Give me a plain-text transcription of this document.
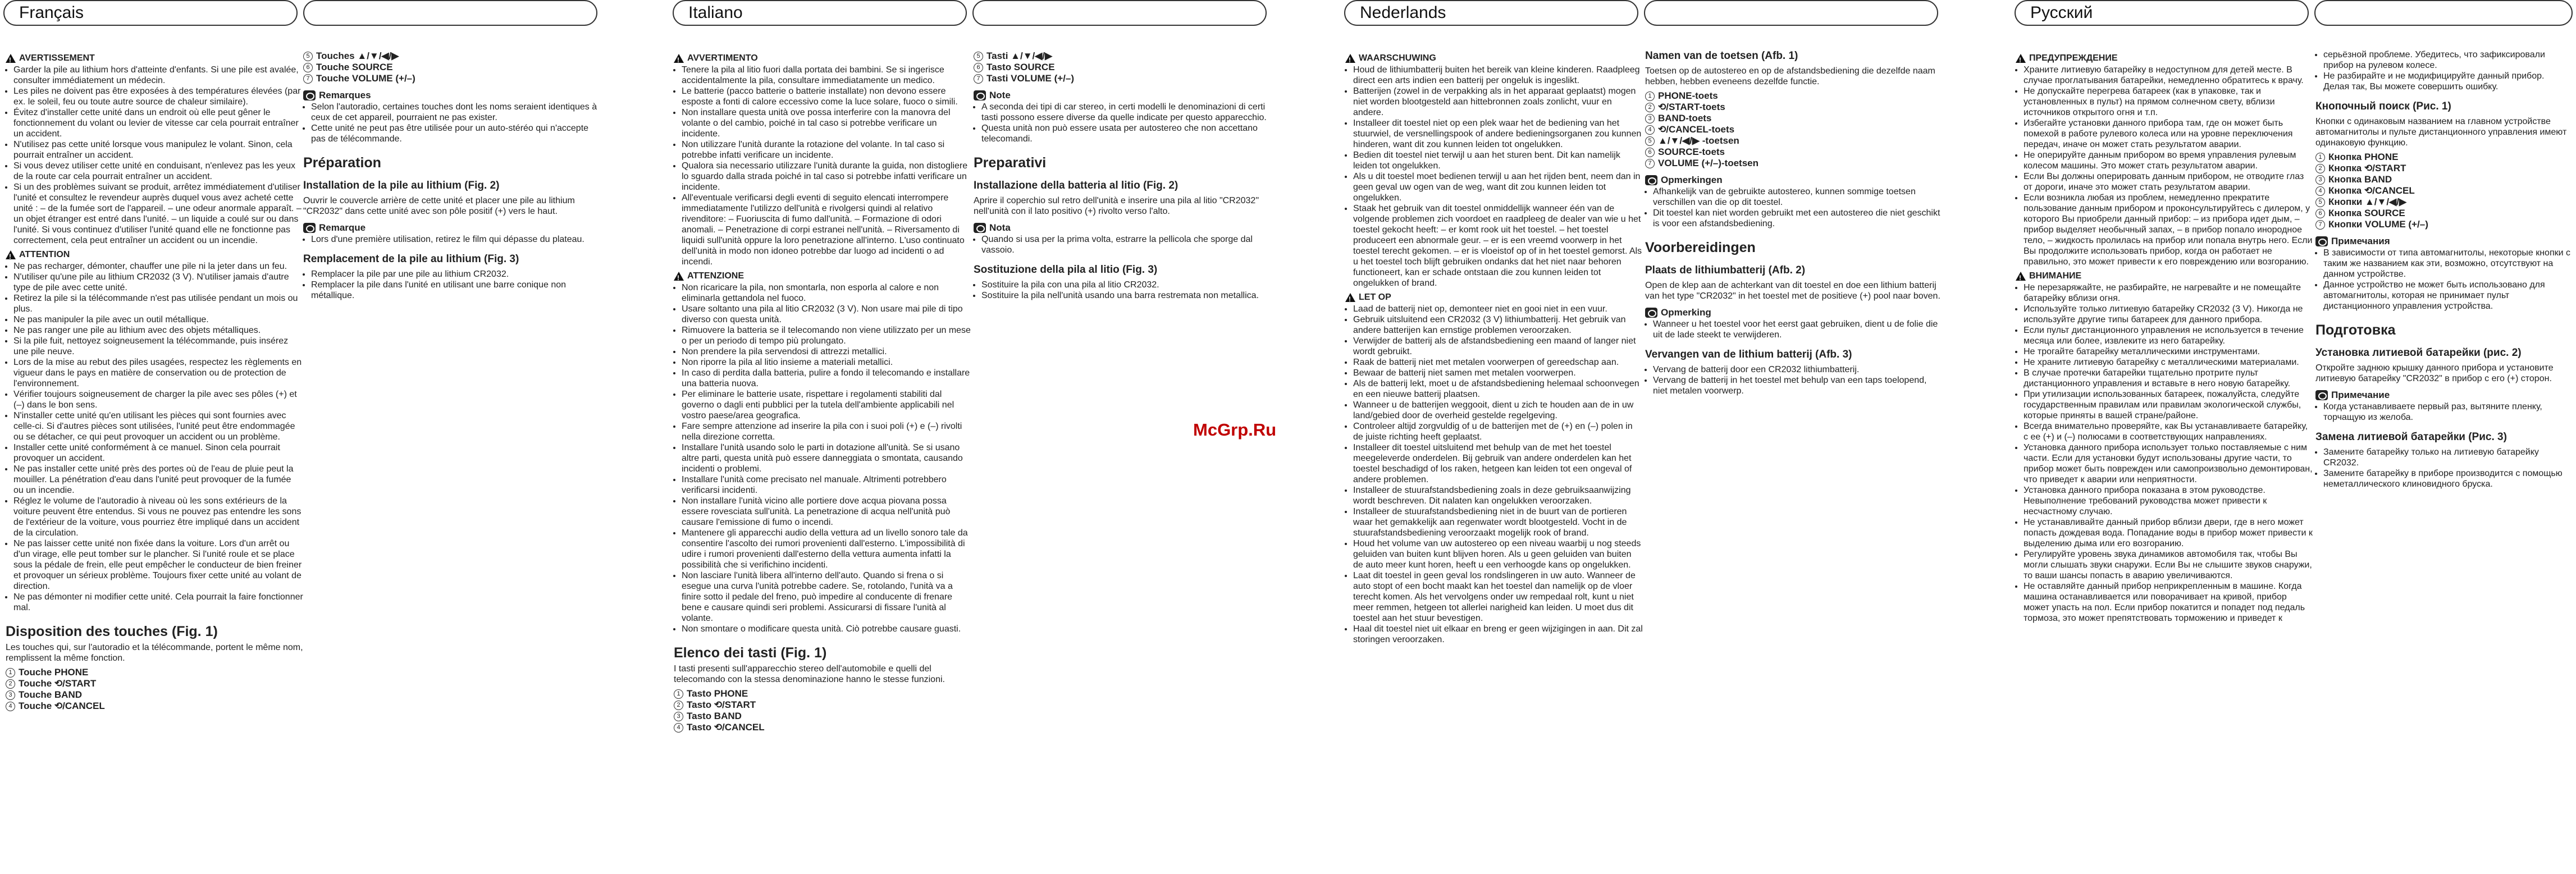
Français	Italiano	Nederlands	Русский
!
AVERTISSEMENT
• Garder la pile au lithium hors d'atteinte d'enfants. Si une pile est avalée, consulter immédiatement un médecin.
• Les piles ne doivent pas être exposées à des températures élevées (par ex. le soleil, feu ou toute autre source de chaleur similaire).
• Évitez d'installer cette unité dans un endroit où elle peut gêner le fonctionnement du volant ou levier de vitesse car cela pourrait entraîner un accident.
• N'utilisez pas cette unité lorsque vous manipulez le volant. Sinon, cela pourrait entraîner un accident.
• Si vous devez utiliser cette unité en conduisant, n'enlevez pas les yeux de la route car cela pourrait entraîner un accident.
• Si un des problèmes suivant se produit, arrêtez immédiatement d'utiliser l'unité et consultez le revendeur auprès duquel vous avez acheté cette unité : – de la fumée sort de l'appareil. – une odeur anormale apparaît. – un objet étranger est entré dans l'unité. – un liquide a coulé sur ou dans l'unité. Si vous continuez d'utiliser l'unité quand elle ne fonctionne pas correctement, cela peut entraîner un accident ou un incendie.
!
ATTENTION
• Ne pas recharger, démonter, chauffer une pile ni la jeter dans un feu.
• N'utiliser qu'une pile au lithium CR2032 (3 V). N'utiliser jamais d'autre type de pile avec cette unité.
• Retirez la pile si la télécommande n'est pas utilisée pendant un mois ou plus.
• Ne pas manipuler la pile avec un outil métallique.
• Ne pas ranger une pile au lithium avec des objets métalliques.
• Si la pile fuit, nettoyez soigneusement la télécommande, puis insérez une pile neuve.
• Lors de la mise au rebut des piles usagées, respectez les règlements en vigueur dans le pays en matière de conservation ou de protection de l'environnement.
• Vérifier toujours soigneusement de charger la pile avec ses pôles (+) et (–) dans le bon sens.
• N'installer cette unité qu'en utilisant les pièces qui sont fournies avec celle-ci. Si d'autres pièces sont utilisées, l'unité peut être endommagée ou se détacher, ce qui peut provoquer un accident ou un problème.
• Installer cette unité conformément à ce manuel. Sinon cela pourrait provoquer un accident.
• Ne pas installer cette unité près des portes où de l'eau de pluie peut la mouiller. La pénétration d'eau dans l'unité peut provoquer de la fumée ou un incendie.
• Réglez le volume de l'autoradio à niveau où les sons extérieurs de la voiture peuvent être entendus. Si vous ne pouvez pas entendre les sons de l'extérieur de la voiture, vous pourriez être impliqué dans un accident de la circulation.
• Ne pas laisser cette unité non fixée dans la voiture. Lors d'un arrêt ou d'un virage, elle peut tomber sur le plancher. Si l'unité roule et se place sous la pédale de frein, elle peut empêcher le conducteur de bien freiner et provoquer un sérieux problème. Toujours fixer cette unité au volant de direction.
• Ne pas démonter ni modifier cette unité. Cela pourrait la faire fonctionner mal.
Disposition des touches (Fig. 1)

Les touches qui, sur l'autoradio et la télécommande, portent le même nom, remplissent la même fonction.

1 Touche PHONE
2 Touche ⟲/START
3 Touche BAND
4 Touche ⟲/CANCEL
5 Touches ▲/▼/◀/▶
6 Touche SOURCE
7 Touche VOLUME (+/–)
Remarques
• Selon l'autoradio, certaines touches dont les noms seraient identiques à ceux de cet appareil, pourraient ne pas exister.
• Cette unité ne peut pas être utilisée pour un auto-stéréo qui n'accepte pas de télécommande.
Préparation
Installation de la pile au lithium (Fig. 2)

Ouvrir le couvercle arrière de cette unité et placer une pile au lithium "CR2032" dans cette unité avec son pôle positif (+) vers le haut.

Remarque
• Lors d'une première utilisation, retirez le film qui dépasse du plateau.
Remplacement de la pile au lithium (Fig. 3)
• Remplacer la pile par une pile au lithium CR2032.
• Remplacer la pile dans l'unité en utilisant une barre conique non métallique.
!
AVVERTIMENTO
• Tenere la pila al litio fuori dalla portata dei bambini. Se si ingerisce accidentalmente la pila, consultare immediatamente un medico.
• Le batterie (pacco batterie o batterie installate) non devono essere esposte a fonti di calore eccessivo come la luce solare, fuoco o simili.
• Non installare questa unità ove possa interferire con la manovra del volante o del cambio, poiché in tal caso si potrebbe verificare un incidente.
• Non utilizzare l'unità durante la rotazione del volante. In tal caso si potrebbe infatti verificare un incidente.
• Qualora sia necessario utilizzare l'unità durante la guida, non distogliere lo sguardo dalla strada poiché in tal caso si potrebbe infatti verificare un incidente.
• All'eventuale verificarsi degli eventi di seguito elencati interrompere immediatamente l'utilizzo dell'unità e rivolgersi quindi al relativo rivenditore: – Fuoriuscita di fumo dall'unità. – Formazione di odori anomali. – Penetrazione di corpi estranei nell'unità. – Riversamento di liquidi sull'unità oppure la loro penetrazione all'interno. L'uso continuato dell'unità in modo non idoneo potrebbe dar luogo ad incidenti o ad incendi.
!
ATTENZIONE
• Non ricaricare la pila, non smontarla, non esporla al calore e non eliminarla gettandola nel fuoco.
• Usare soltanto una pila al litio CR2032 (3 V). Non usare mai pile di tipo diverso con questa unità.
• Rimuovere la batteria se il telecomando non viene utilizzato per un mese o per un periodo di tempo più prolungato.
• Non prendere la pila servendosi di attrezzi metallici.
• Non riporre la pila al litio insieme a materiali metallici.
• In caso di perdita dalla batteria, pulire a fondo il telecomando e installare una batteria nuova.
• Per eliminare le batterie usate, rispettare i regolamenti stabiliti dal governo o dagli enti pubblici per la tutela dell'ambiente applicabili nel vostro paese/area geografica.
• Fare sempre attenzione ad inserire la pila con i suoi poli (+) e (–) rivolti nella direzione corretta.
• Installare l'unità usando solo le parti in dotazione all'unità. Se si usano altre parti, questa unità può essere danneggiata o smontata, causando incidenti o problemi.
• Installare l'unità come precisato nel manuale. Altrimenti potrebbero verificarsi incidenti.
• Non installare l'unità vicino alle portiere dove acqua piovana possa essere rovesciata sull'unità. La penetrazione di acqua nell'unità può causare l'emissione di fumo o incendi.
• Mantenere gli apparecchi audio della vettura ad un livello sonoro tale da consentire l'ascolto dei rumori provenienti dall'esterno. L'impossibilità di udire i rumori provenienti dall'esterno della vettura aumenta infatti la possibilità che si verifichino incidenti.
• Non lasciare l'unità libera all'interno dell'auto. Quando si frena o si esegue una curva l'unità potrebbe cadere. Se, rotolando, l'unità va a finire sotto il pedale del freno, può impedire al conducente di frenare bene e causare quindi seri problemi. Assicurarsi di fissare l'unità al volante.
• Non smontare o modificare questa unità. Ciò potrebbe causare guasti.
Elenco dei tasti (Fig. 1)

I tasti presenti sull'apparecchio stereo dell'automobile e quelli del telecomando con la stessa denominazione hanno le stesse funzioni.

1 Tasto PHONE
2 Tasto ⟲/START
3 Tasto BAND
4 Tasto ⟲/CANCEL
5 Tasti ▲/▼/◀/▶
6 Tasto SOURCE
7 Tasti VOLUME (+/–)
Note
• A seconda dei tipi di car stereo, in certi modelli le denominazioni di certi tasti possono essere diverse da quelle indicate per questo apparecchio.
• Questa unità non può essere usata per autostereo che non accettano telecomandi.
Preparativi
Installazione della batteria al litio (Fig. 2)

Aprire il coperchio sul retro dell'unità e inserire una pila al litio "CR2032" nell'unità con il lato positivo (+) rivolto verso l'alto.

Nota
• Quando si usa per la prima volta, estrarre la pellicola che sporge dal vassoio.
Sostituzione della pila al litio (Fig. 3)
• Sostituire la pila con una pila al litio CR2032.
• Sostituire la pila nell'unità usando una barra restremata non metallica.
!
WAARSCHUWING
• Houd de lithiumbatterij buiten het bereik van kleine kinderen. Raadpleeg direct een arts indien een batterij per ongeluk is ingeslikt.
• Batterijen (zowel in de verpakking als in het apparaat geplaatst) mogen niet worden blootgesteld aan hittebronnen zoals zonlicht, vuur en andere.
• Installeer dit toestel niet op een plek waar het de bediening van het stuurwiel, de versnellingspook of andere bedieningsorganen zou kunnen hinderen, want dit zou kunnen leiden tot ongelukken.
• Bedien dit toestel niet terwijl u aan het sturen bent. Dit kan namelijk leiden tot ongelukken.
• Als u dit toestel moet bedienen terwijl u aan het rijden bent, neem dan in geen geval uw ogen van de weg, want dit zou kunnen leiden tot ongelukken.
• Staak het gebruik van dit toestel onmiddellijk wanneer één van de volgende problemen zich voordoet en raadpleeg de dealer van wie u het toestel gekocht heeft: – er komt rook uit het toestel. – het toestel produceert een abnormale geur. – er is een vreemd voorwerp in het toestel terecht gekomen. – er is vloeistof op of in het toestel gemorst. Als u het toestel toch blijft gebruiken ondanks dat het niet naar behoren functioneert, kan er schade ontstaan die zou kunnen leiden tot ongelukken of brand.
!
LET OP
• Laad de batterij niet op, demonteer niet en gooi niet in een vuur.
• Gebruik uitsluitend een CR2032 (3 V) lithiumbatterij. Het gebruik van andere batterijen kan ernstige problemen veroorzaken.
• Verwijder de batterij als de afstandsbediening een maand of langer niet wordt gebruikt.
• Raak de batterij niet met metalen voorwerpen of gereedschap aan.
• Bewaar de batterij niet samen met metalen voorwerpen.
• Als de batterij lekt, moet u de afstandsbediening helemaal schoonvegen en een nieuwe batterij plaatsen.
• Wanneer u de batterijen weggooit, dient u zich te houden aan de in uw land/gebied door de overheid gestelde regelgeving.
• Controleer altijd zorgvuldig of u de batterijen met de (+) en (–) polen in de juiste richting heeft geplaatst.
• Installeer dit toestel uitsluitend met behulp van de met het toestel meegeleverde onderdelen. Bij gebruik van andere onderdelen kan het toestel beschadigd of los raken, hetgeen kan leiden tot een ongeval of andere problemen.
• Installeer de stuurafstandsbediening zoals in deze gebruiksaanwijzing wordt beschreven. Dit nalaten kan ongelukken veroorzaken.
• Installeer de stuurafstandsbediening niet in de buurt van de portieren waar het gemakkelijk aan regenwater wordt blootgesteld. Vocht in de stuurafstandsbediening veroorzaakt mogelijk rook of brand.
• Houd het volume van uw autostereo op een niveau waarbij u nog steeds geluiden van buiten kunt blijven horen. Als u geen geluiden van buiten de auto meer kunt horen, heeft u een verhoogde kans op ongelukken.
• Laat dit toestel in geen geval los rondslingeren in uw auto. Wanneer de auto stopt of een bocht maakt kan het toestel dan namelijk op de vloer terecht komen. Als het vervolgens onder uw rempedaal rolt, kunt u niet meer remmen, hetgeen tot allerlei narigheid kan leiden. U moet dus dit toestel aan het stuur bevestigen.
• Haal dit toestel niet uit elkaar en breng er geen wijzigingen in aan. Dit zal storingen veroorzaken.
Namen van de toetsen (Afb. 1)

Toetsen op de autostereo en op de afstandsbediening die dezelfde naam hebben, hebben eveneens dezelfde functie.

1 PHONE-toets
2 ⟲/START-toets
3 BAND-toets
4 ⟲/CANCEL-toets
5 ▲/▼/◀/▶ -toetsen
6 SOURCE-toets
7 VOLUME (+/–)-toetsen
Opmerkingen
• Afhankelijk van de gebruikte autostereo, kunnen sommige toetsen verschillen van die op dit toestel.
• Dit toestel kan niet worden gebruikt met een autostereo die niet geschikt is voor een afstandsbediening.
Voorbereidingen
Plaats de lithiumbatterij (Afb. 2)

Open de klep aan de achterkant van dit toestel en doe een lithium batterij van het type "CR2032" in het toestel met de positieve (+) pool naar boven.

Opmerking
• Wanneer u het toestel voor het eerst gaat gebruiken, dient u de folie die uit de lade steekt te verwijderen.
Vervangen van de lithium batterij (Afb. 3)
• Vervang de batterij door een CR2032 lithiumbatterij.
• Vervang de batterij in het toestel met behulp van een taps toelopend, niet metalen voorwerp.
!
ПРЕДУПРЕЖДЕНИЕ
• Храните литиевую батарейку в недоступном для детей месте. В случае проглатывания батарейки, немедленно обратитесь к врачу.
• Не допускайте перегрева батареек (как в упаковке, так и установленных в пульт) на прямом солнечном свету, вблизи источников открытого огня и т.п.
• Избегайте установки данного прибора там, где он может быть помехой в работе рулевого колеса или на уровне переключения передач, иначе он может стать результатом аварии.
• Не оперируйте данным прибором во время управления рулевым колесом машины. Это может стать результатом аварии.
• Если Вы должны оперировать данным прибором, не отводите глаз от дороги, иначе это может стать результатом аварии.
• Если возникла любая из проблем, немедленно прекратите пользование данным прибором и проконсультируйтесь с дилером, у которого Вы приобрели данный прибор: – из прибора идет дым, – прибор выделяет необычный запах, – в прибор попало инородное тело, – жидкость пролилась на прибор или попала внутрь него. Если Вы продолжите использовать прибор, когда он работает не правильно, это может привести к его повреждению или возгоранию.
!
ВНИМАНИЕ
• Не перезаряжайте, не разбирайте, не нагревайте и не помещайте батарейку вблизи огня.
• Используйте только литиевую батарейку CR2032 (3 V). Никогда не используйте другие типы батареек для данного прибора.
• Если пульт дистанционного управления не используется в течение месяца или более, извлеките из него батарейку.
• Не трогайте батарейку металлическими инструментами.
• Не храните литиевую батарейку с металлическими материалами.
• В случае протечки батарейки тщательно протрите пульт дистанционного управления и вставьте в него новую батарейку.
• При утилизации использованных батареек, пожалуйста, следуйте государственным правилам или правилам экологической службы, которые приняты в вашей стране/районе.
• Всегда внимательно проверяйте, как Вы устанавливаете батарейку, с ее (+) и (–) полюсами в соответствующих направлениях.
• Установка данного прибора использует только поставляемые с ним части. Если для установки будут использованы другие части, то прибор может быть поврежден или самопроизвольно демонтирован, что приведет к аварии или неприятности.
• Установка данного прибора показана в этом руководстве. Невыполнение требований руководства может привести к несчастному случаю.
• Не устанавливайте данный прибор вблизи двери, где в него может попасть дождевая вода. Попадание воды в прибор может привести к выделению дыма или его возгоранию.
• Регулируйте уровень звука динамиков автомобиля так, чтобы Вы могли слышать звуки снаружи. Если Вы не слышите звуков снаружи, то ваши шансы попасть в аварию увеличиваются.
• Не оставляйте данный прибор неприкрепленным в машине. Когда машина останавливается или поворачивает на кривой, прибор может упасть на пол. Если прибор покатится и попадет под педаль тормоза, это может препятствовать торможению и приведет к
• серьёзной проблеме. Убедитесь, что зафиксировали прибор на рулевом колесе.
• Не разбирайте и не модифицируйте данный прибор. Делая так, Вы можете совершить ошибку.
Кнопочный поиск (Рис. 1)

Кнопки с одинаковым названием на главном устройстве автомагнитолы и пульте дистанционного управления имеют одинаковую функцию.

1 Кнопка PHONE
2 Кнопка ⟲/START
3 Кнопка BAND
4 Кнопка ⟲/CANCEL
5 Кнопки ▲/▼/◀/▶
6 Кнопка SOURCE
7 Кнопки VOLUME (+/–)
Примечания
• В зависимости от типа автомагнитолы, некоторые кнопки с таким же названием как эти, возможно, отсутствуют на данном устройстве.
• Данное устройство не может быть использовано для автомагнитолы, которая не принимает пульт дистанционного управления устройства.
Подготовка
Установка литиевой батарейки (рис. 2)

Откройте заднюю крышку данного прибора и установите литиевую батарейку "CR2032" в прибор с его (+) сторон.

Примечание
• Когда устанавливаете первый раз, вытяните пленку, торчащую из желоба.
Замена литиевой батарейки (Рис. 3)
• Замените батарейку только на литиевую батарейку CR2032.
• Замените батарейку в приборе производится с помощью неметаллического клиновидного бруска.
McGrp.Ru
